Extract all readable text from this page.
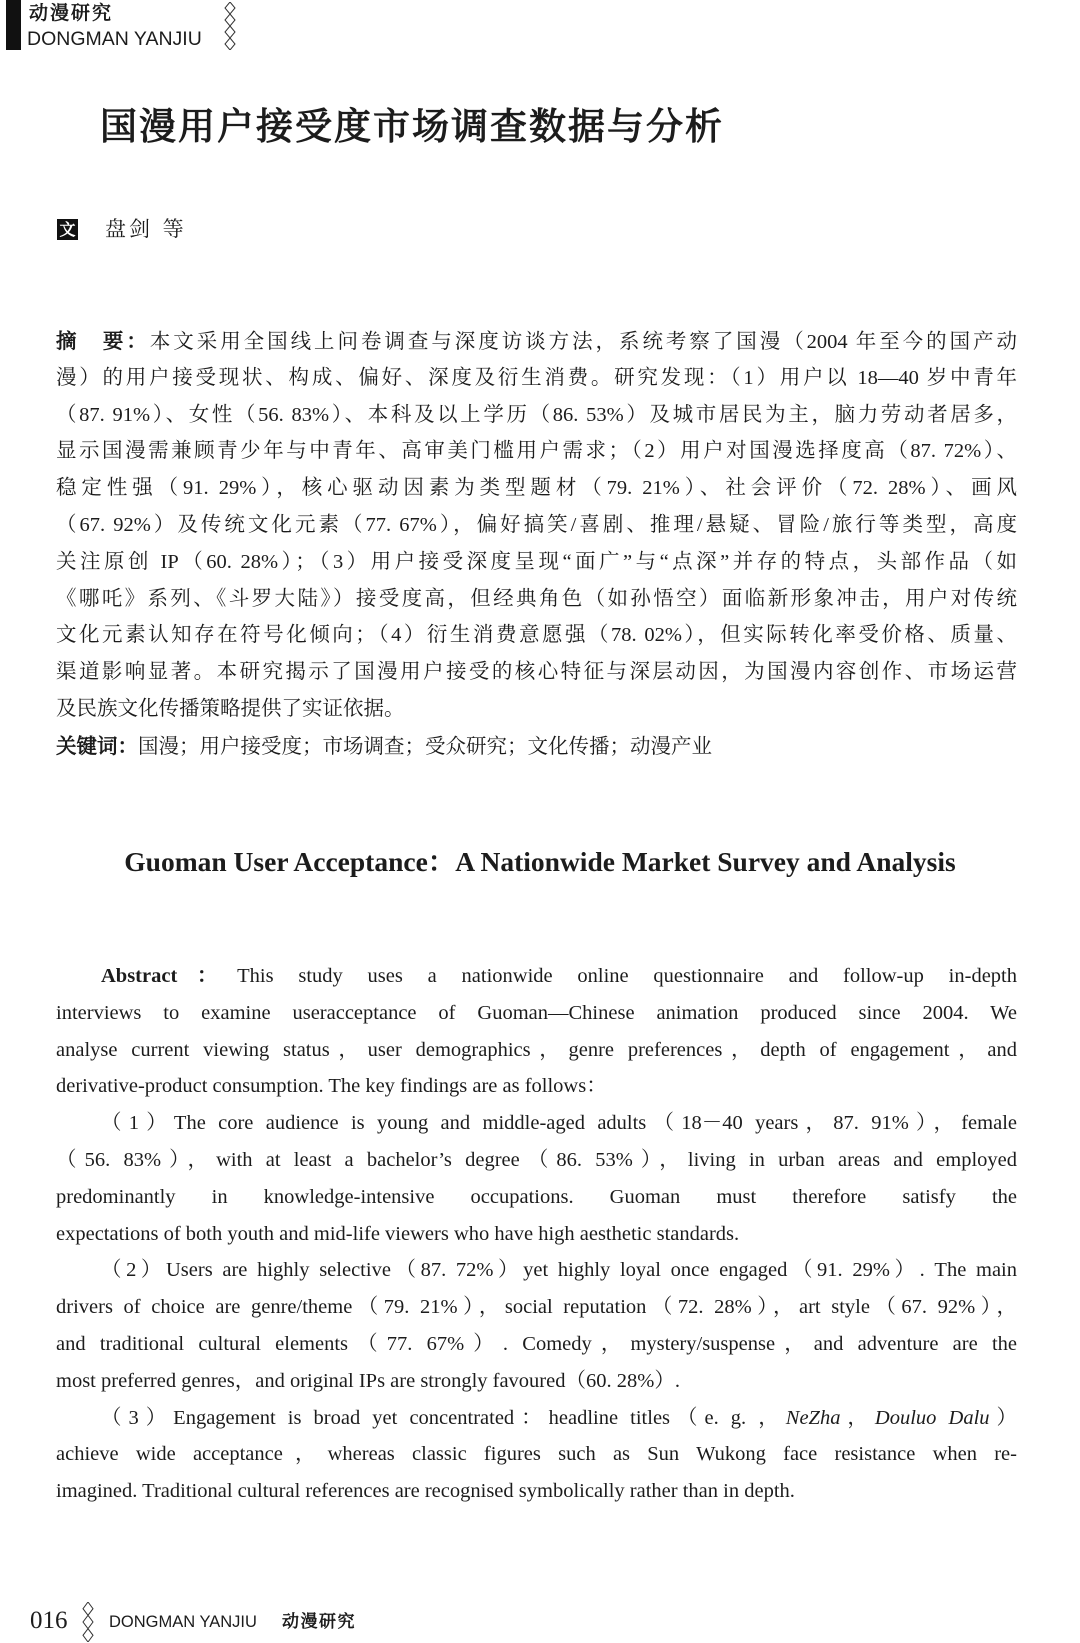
动漫研究
DONGMAN YANJIU
国漫用户接受度市场调查数据与分析
文 盘剑 等
摘　要：本文采用全国线上问卷调查与深度访谈方法，系统考察了国漫（2004 年至今的国产动
漫）的用户接受现状、构成、偏好、深度及衍生消费。研究发现：（1）用户以 18—40 岁中青年
（87. 91%）、女性（56. 83%）、本科及以上学历（86. 53%）及城市居民为主，脑力劳动者居多，
显示国漫需兼顾青少年与中青年、高审美门槛用户需求；（2）用户对国漫选择度高（87. 72%）、
稳定性强（91. 29%），核心驱动因素为类型题材（79. 21%）、社会评价（72. 28%）、画风
（67. 92%）及传统文化元素（77. 67%），偏好搞笑/喜剧、推理/悬疑、冒险/旅行等类型，高度
关注原创 IP（60. 28%）；（3）用户接受深度呈现“面广”与“点深”并存的特点，头部作品（如
《哪吒》系列、《斗罗大陆》）接受度高，但经典角色（如孙悟空）面临新形象冲击，用户对传统
文化元素认知存在符号化倾向；（4）衍生消费意愿强（78. 02%），但实际转化率受价格、质量、
渠道影响显著。本研究揭示了国漫用户接受的核心特征与深层动因，为国漫内容创作、市场运营
及民族文化传播策略提供了实证依据。
关键词：国漫；用户接受度；市场调查；受众研究；文化传播；动漫产业
Guoman User Acceptance：A Nationwide Market Survey and Analysis
Abstract：This study uses a nationwide online questionnaire and follow-up in-depth
interviews to examine useracceptance of Guoman—Chinese animation produced since 2004. We
analyse current viewing status，user demographics，genre preferences，depth of engagement，and
derivative-product consumption. The key findings are as follows：
（1）The core audience is young and middle-aged adults（18－40 years，87. 91%），female
（56. 83%），with at least a bachelor’s degree（86. 53%），living in urban areas and employed
predominantly in knowledge-intensive occupations. Guoman must therefore satisfy the
expectations of both youth and mid-life viewers who have high aesthetic standards.
（2）Users are highly selective（87. 72%）yet highly loyal once engaged（91. 29%）. The main
drivers of choice are genre/theme（79. 21%），social reputation（72. 28%），art style（67. 92%），
and traditional cultural elements（77. 67%）. Comedy，mystery/suspense，and adventure are the
most preferred genres，and original IPs are strongly favoured（60. 28%）.
（3）Engagement is broad yet concentrated：headline titles（e. g. ，NeZha，Douluo Dalu）
achieve wide acceptance，whereas classic figures such as Sun Wukong face resistance when re-
imagined. Traditional cultural references are recognised symbolically rather than in depth.
016	DONGMAN YANJIU 动漫研究
